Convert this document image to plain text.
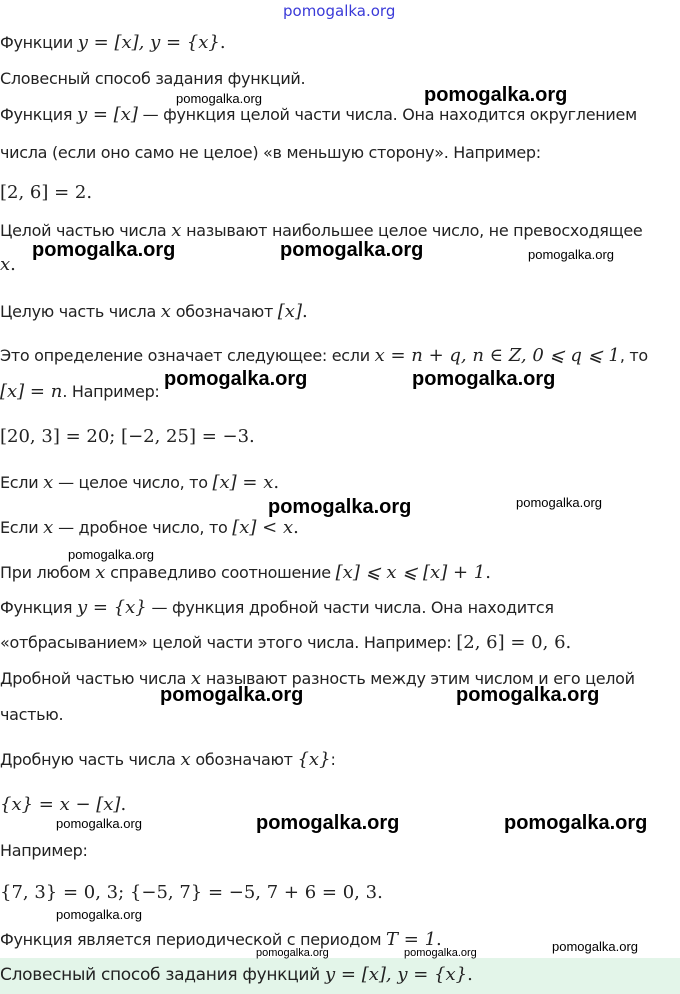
pomogalka.org
Функции y = [x], y = {x}.
Словесный способ задания функций.
Функция y = [x] — функция целой части числа. Она находится округлением
числа (если оно само не целое) «в меньшую сторону». Например:
[2, 6] = 2.
Целой частью числа x называют наибольшее целое число, не превосходящее
x.
Целую часть числа x обозначают [x].
Это определение означает следующее: если x = n + q, n ∈ Z, 0 ⩽ q ⩽ 1, то
[x] = n. Например:
[20, 3] = 20; [−2, 25] = −3.
Если x — целое число, то [x] = x.
Если x — дробное число, то [x] < x.
При любом x справедливо соотношение [x] ⩽ x ⩽ [x] + 1.
Функция y = {x} — функция дробной части числа. Она находится
«отбрасыванием» целой части этого числа. Например: [2, 6] = 0, 6.
Дробной частью числа x называют разность между этим числом и его целой
частью.
Дробную часть числа x обозначают {x}:
{x} = x − [x].
Например:
{7, 3} = 0, 3; {−5, 7} = −5, 7 + 6 = 0, 3.
Функция является периодической с периодом T = 1.
Словесный способ задания функций y = [x], y = {x}.
pomogalka.org	pomogalka.org
pomogalka.org	pomogalka.org	pomogalka.org
pomogalka.org	pomogalka.org
pomogalka.org	pomogalka.org
pomogalka.org
pomogalka.org	pomogalka.org
pomogalka.org	pomogalka.org	pomogalka.org
pomogalka.org
pomogalka.org
pomogalka.org	pomogalka.org
